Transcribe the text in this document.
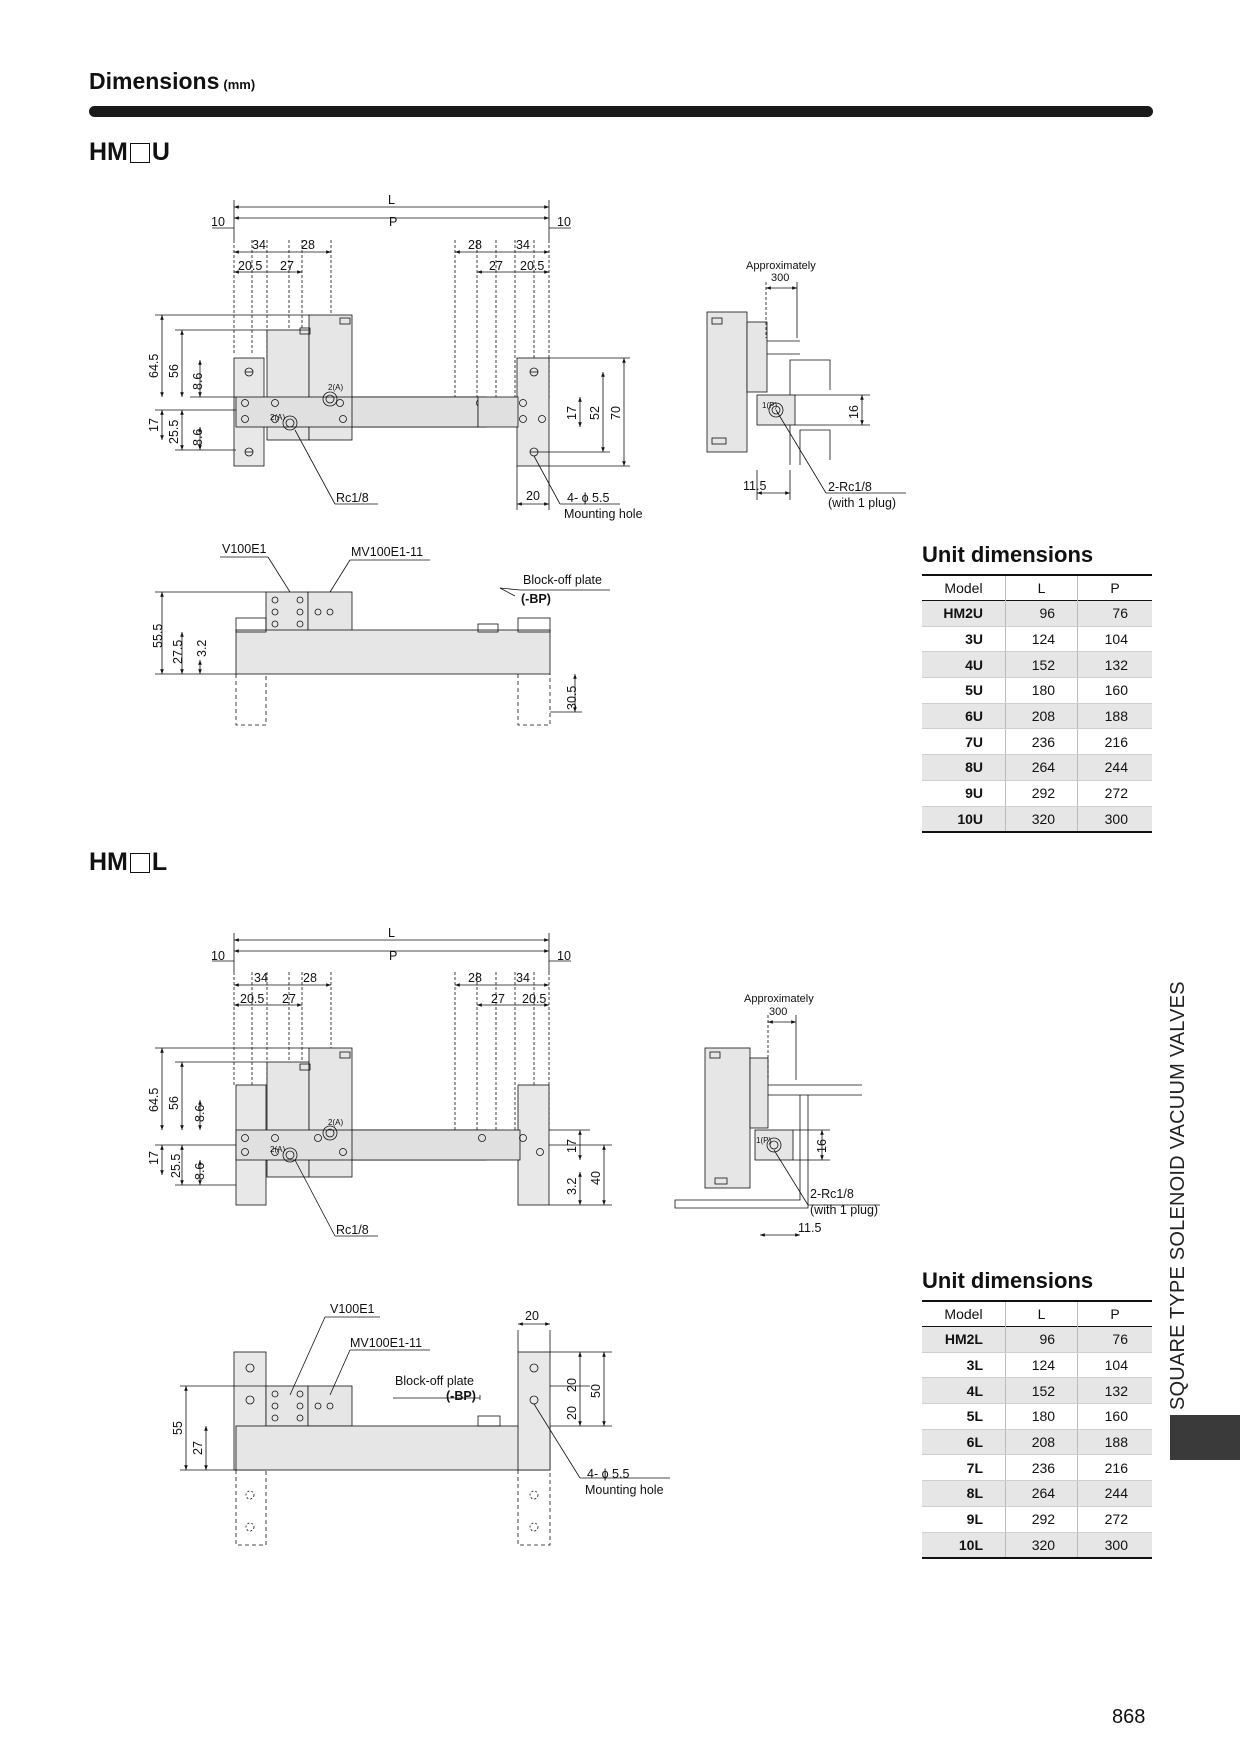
Dimensions (mm)
HM U
HM L
L
P
10	10
34	28	28	34
20.5 27	27 20.5
64.5 56
8.6
17 25.5 8.6
17 52 70
20
Rc1/8	4- ϕ 5.5
Mounting hole
2(A)
2(A)
Approximately
300
16
11.5	2-Rc1/8
(with 1 plug)
1(P)
V100E1	MV100E1-11
Block-off plate
(-BP)
55.5
27.5 3.2
30.5
L
P
10	10
34	28	28	34
20.5 27	27 20.5
64.5 56
8.6
17 25.5 8.6
17
3.2 40
Rc1/8
2(A)
2(A)
Approximately
300
16
2-Rc1/8
(with 1 plug)
11.5
1(P)
V100E1
MV100E1-11
Block-off plate
(-BP)
20
55
27
20
20
50
4- ϕ 5.5
Mounting hole
Unit dimensions
Model	L	P
HM2U	96	76
3U	124	104
4U	152	132
5U	180	160
6U	208	188
7U	236	216
8U	264	244
9U	292	272
10U	320	300
Unit dimensions
Model	L	P
HM2L	96	76
3L	124	104
4L	152	132
5L	180	160
6L	208	188
7L	236	216
8L	264	244
9L	292	272
10L	320	300
SQUARE TYPE SOLENOID VACUUM VALVES
868
